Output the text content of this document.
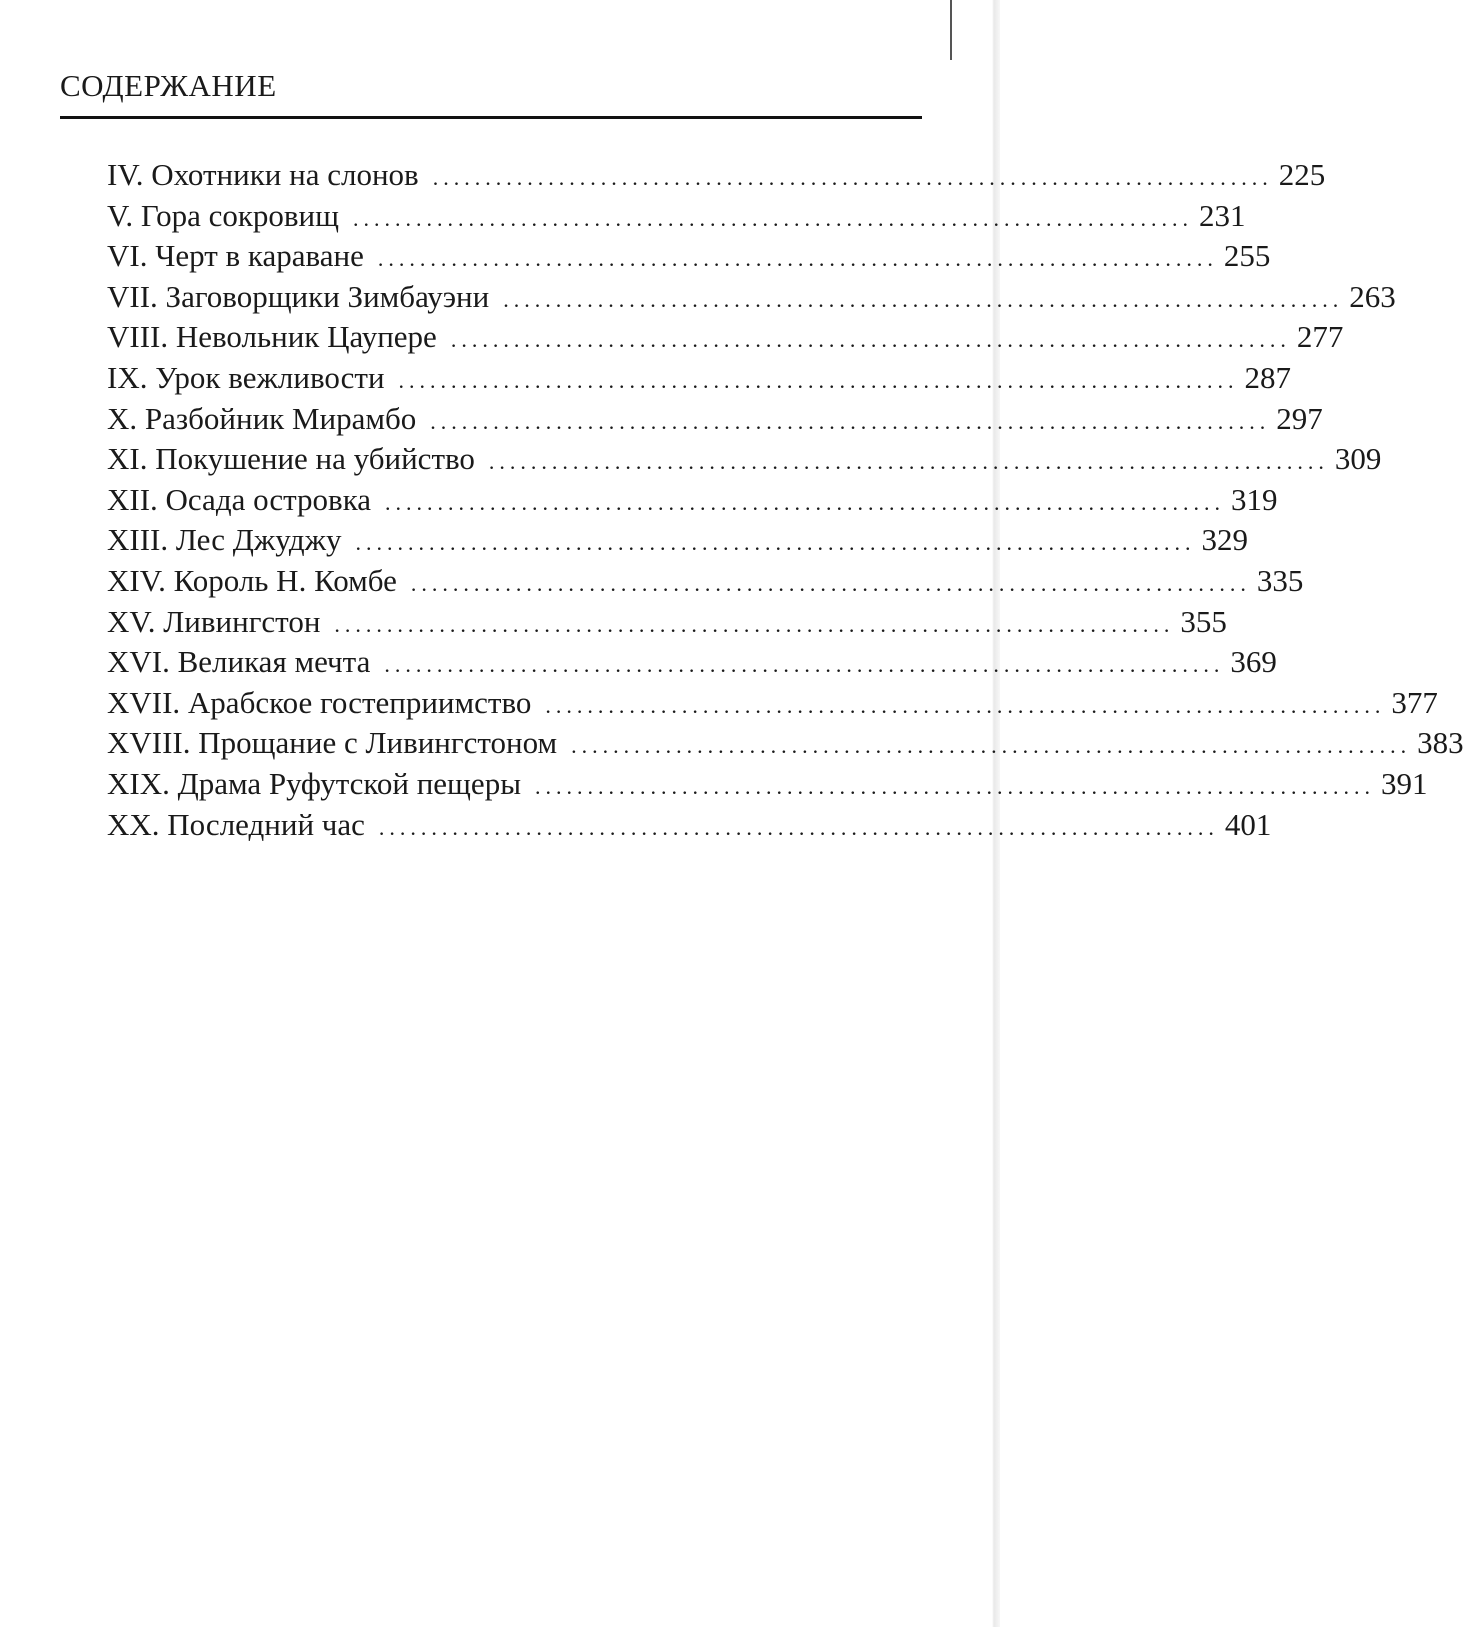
СОДЕРЖАНИЕ
IV. Охотники на слонов ................................................................................ 225
V. Гора сокровищ ................................................................................ 231
VI. Черт в караване ................................................................................ 255
VII. Заговорщики Зимбауэни ................................................................................ 263
VIII. Невольник Цаупере ................................................................................ 277
IX. Урок вежливости ................................................................................ 287
X. Разбойник Мирамбо ................................................................................ 297
XI. Покушение на убийство ................................................................................ 309
XII. Осада островка ................................................................................ 319
XIII. Лес Джуджу ................................................................................ 329
XIV. Король Н. Комбе ................................................................................ 335
XV. Ливингстон ................................................................................ 355
XVI. Великая мечта ................................................................................ 369
XVII. Арабское гостеприимство ................................................................................ 377
XVIII. Прощание с Ливингстоном ................................................................................ 383
XIX. Драма Руфутской пещеры ................................................................................ 391
XX. Последний час ................................................................................ 401
